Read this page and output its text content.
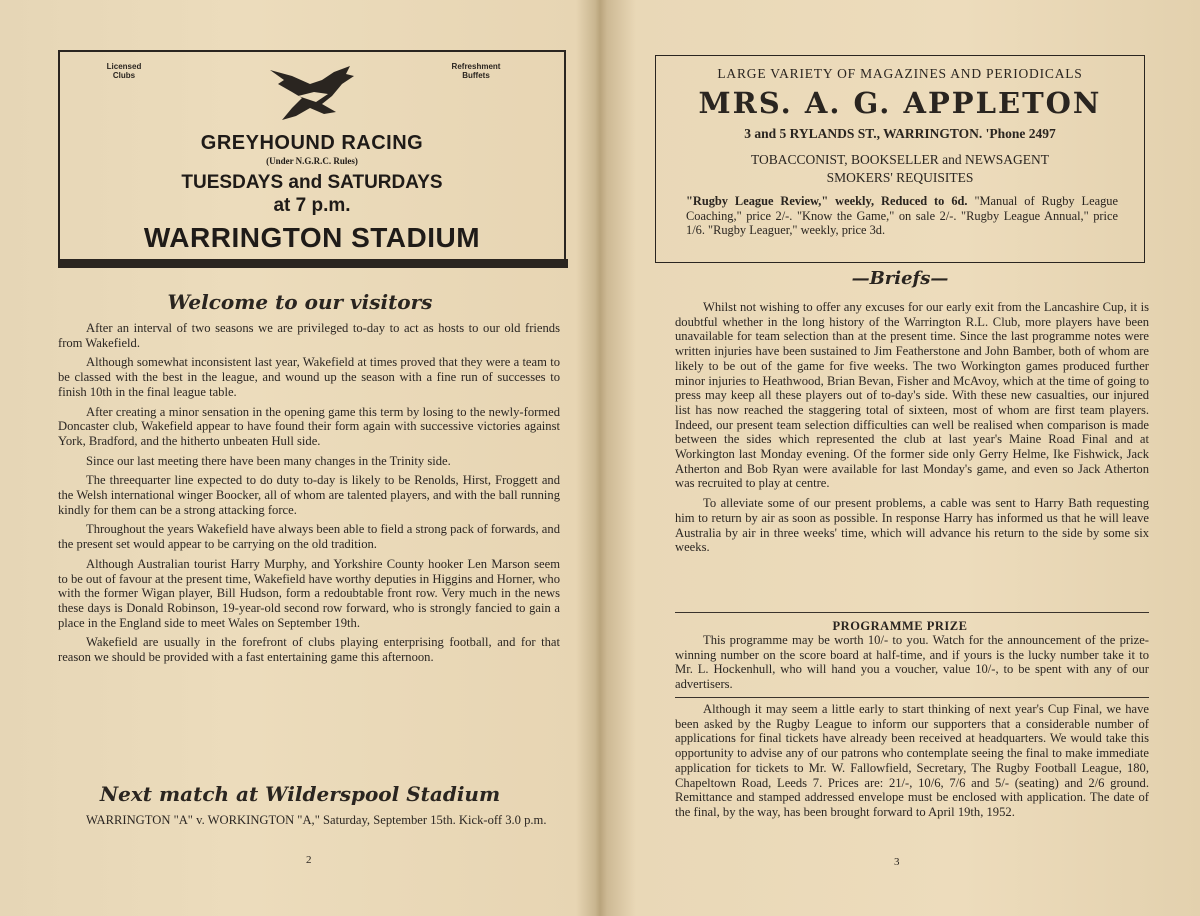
Licensed
Clubs
Refreshment
Buffets
GREYHOUND RACING
(Under N.G.R.C. Rules)
TUESDAYS and SATURDAYS
at 7 p.m.
WARRINGTON STADIUM
Welcome to our visitors

After an interval of two seasons we are privileged to-day to act as hosts to our old friends from Wakefield.

Although somewhat inconsistent last year, Wakefield at times proved that they were a team to be classed with the best in the league, and wound up the season with a fine run of successes to finish 10th in the final league table.

After creating a minor sensation in the opening game this term by losing to the newly-formed Doncaster club, Wakefield appear to have found their form again with successive victories against York, Bradford, and the hitherto unbeaten Hull side.

Since our last meeting there have been many changes in the Trinity side.

The threequarter line expected to do duty to-day is likely to be Renolds, Hirst, Froggett and the Welsh international winger Boocker, all of whom are talented players, and with the ball running kindly for them can be a strong attacking force.

Throughout the years Wakefield have always been able to field a strong pack of forwards, and the present set would appear to be carrying on the old tradition.

Although Australian tourist Harry Murphy, and Yorkshire County hooker Len Marson seem to be out of favour at the present time, Wakefield have worthy deputies in Higgins and Horner, who with the former Wigan player, Bill Hudson, form a redoubtable front row. Very much in the news these days is Donald Robinson, 19-year-old second row forward, who is strongly fancied to gain a place in the England side to meet Wales on September 19th.

Wakefield are usually in the forefront of clubs playing enterprising football, and for that reason we should be provided with a fast entertaining game this afternoon.

Next match at Wilderspool Stadium

WARRINGTON "A" v. WORKINGTON "A," Saturday, September 15th. Kick-off 3.0 p.m.

2
LARGE VARIETY OF MAGAZINES AND PERIODICALS
MRS. A. G. APPLETON
3 and 5 RYLANDS ST., WARRINGTON. 'Phone 2497
TOBACCONIST, BOOKSELLER and NEWSAGENT
SMOKERS' REQUISITES
"Rugby League Review," weekly, Reduced to 6d. "Manual of Rugby League Coaching," price 2/-. "Know the Game," on sale 2/-. "Rugby League Annual," price 1/6. "Rugby Leaguer," weekly, price 3d.
—Briefs—

Whilst not wishing to offer any excuses for our early exit from the Lancashire Cup, it is doubtful whether in the long history of the Warrington R.L. Club, more players have been unavailable for team selection than at the present time. Since the last programme notes were written injuries have been sustained to Jim Featherstone and John Bamber, both of whom are likely to be out of the game for five weeks. The two Workington games produced further minor injuries to Heathwood, Brian Bevan, Fisher and McAvoy, which at the time of going to press may keep all these players out of to-day's side. With these new casualties, our injured list has now reached the staggering total of sixteen, most of whom are first team players. Indeed, our present team selection difficulties can well be realised when comparison is made between the sides which represented the club at last year's Maine Road Final and at Workington last Monday evening. Of the former side only Gerry Helme, Ike Fishwick, Jack Atherton and Bob Ryan were available for last Monday's game, and even so Jack Atherton was recruited to play at centre.

To alleviate some of our present problems, a cable was sent to Harry Bath requesting him to return by air as soon as possible. In response Harry has informed us that he will leave Australia by air in three weeks' time, which will advance his return to the side by some six weeks.

PROGRAMME PRIZE

This programme may be worth 10/- to you. Watch for the announcement of the prize-winning number on the score board at half-time, and if yours is the lucky number take it to Mr. L. Hockenhull, who will hand you a voucher, value 10/-, to be spent with any of our advertisers.

Although it may seem a little early to start thinking of next year's Cup Final, we have been asked by the Rugby League to inform our supporters that a considerable number of applications for final tickets have already been received at headquarters. We would take this opportunity to advise any of our patrons who contemplate seeing the final to make immediate application for tickets to Mr. W. Fallowfield, Secretary, The Rugby Football League, 180, Chapeltown Road, Leeds 7. Prices are: 21/-, 10/6, 7/6 and 5/- (seating) and 2/6 ground. Remittance and stamped addressed envelope must be enclosed with application. The date of the final, by the way, has been brought forward to April 19th, 1952.

3
